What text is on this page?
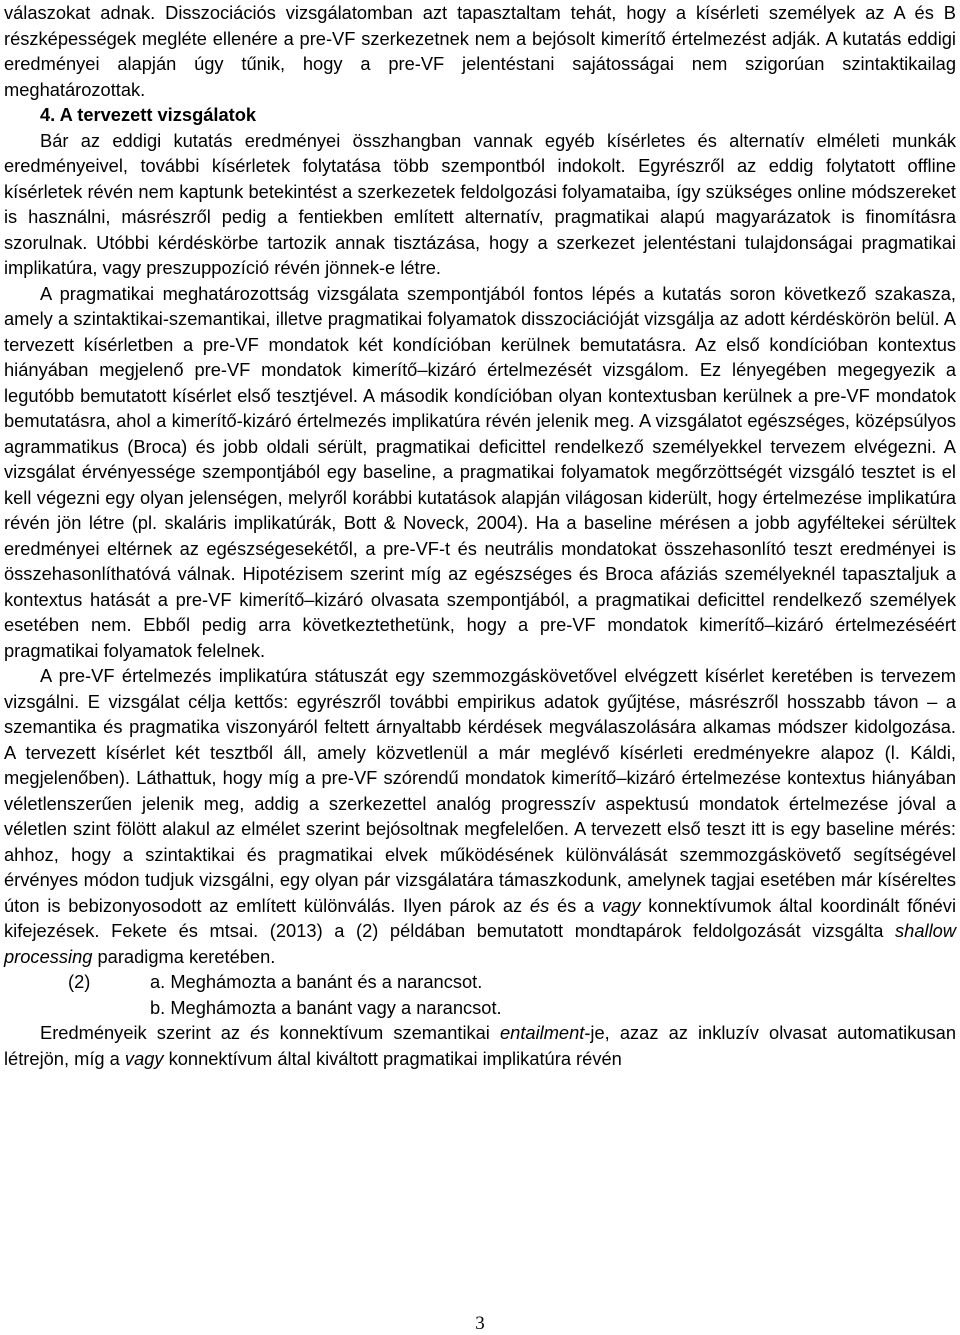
válaszokat adnak. Disszociációs vizsgálatomban azt tapasztaltam tehát, hogy a kísérleti személyek az A és B részképességek megléte ellenére a pre-VF szerkezetnek nem a bejósolt kimerítő értelmezést adják. A kutatás eddigi eredményei alapján úgy tűnik, hogy a pre-VF jelentéstani sajátosságai nem szigorúan szintaktikailag meghatározottak.

4. A tervezett vizsgálatok

Bár az eddigi kutatás eredményei összhangban vannak egyéb kísérletes és alternatív elméleti munkák eredményeivel, további kísérletek folytatása több szempontból indokolt. Egyrészről az eddig folytatott offline kísérletek révén nem kaptunk betekintést a szerkezetek feldolgozási folyamataiba, így szükséges online módszereket is használni, másrészről pedig a fentiekben említett alternatív, pragmatikai alapú magyarázatok is finomításra szorulnak. Utóbbi kérdéskörbe tartozik annak tisztázása, hogy a szerkezet jelentéstani tulajdonságai pragmatikai implikatúra, vagy preszuppozíció révén jönnek-e létre.

A pragmatikai meghatározottság vizsgálata szempontjából fontos lépés a kutatás soron következő szakasza, amely a szintaktikai-szemantikai, illetve pragmatikai folyamatok disszociációját vizsgálja az adott kérdéskörön belül. A tervezett kísérletben a pre-VF mondatok két kondícióban kerülnek bemutatásra. Az első kondícióban kontextus hiányában megjelenő pre-VF mondatok kimerítő–kizáró értelmezését vizsgálom. Ez lényegében megegyezik a legutóbb bemutatott kísérlet első tesztjével. A második kondícióban olyan kontextusban kerülnek a pre-VF mondatok bemutatásra, ahol a kimerítő-kizáró értelmezés implikatúra révén jelenik meg. A vizsgálatot egészséges, középsúlyos agrammatikus (Broca) és jobb oldali sérült, pragmatikai deficittel rendelkező személyekkel tervezem elvégezni. A vizsgálat érvényessége szempontjából egy baseline, a pragmatikai folyamatok megőrzöttségét vizsgáló tesztet is el kell végezni egy olyan jelenségen, melyről korábbi kutatások alapján világosan kiderült, hogy értelmezése implikatúra révén jön létre (pl. skaláris implikatúrák, Bott & Noveck, 2004). Ha a baseline mérésen a jobb agyféltekei sérültek eredményei eltérnek az egészségesekétől, a pre-VF-t és neutrális mondatokat összehasonlító teszt eredményei is összehasonlíthatóvá válnak. Hipotézisem szerint míg az egészséges és Broca afáziás személyeknél tapasztaljuk a kontextus hatását a pre-VF kimerítő–kizáró olvasata szempontjából, a pragmatikai deficittel rendelkező személyek esetében nem. Ebből pedig arra következtethetünk, hogy a pre-VF mondatok kimerítő–kizáró értelmezéséért pragmatikai folyamatok felelnek.

A pre-VF értelmezés implikatúra státuszát egy szemmozgáskövetővel elvégzett kísérlet keretében is tervezem vizsgálni. E vizsgálat célja kettős: egyrészről további empirikus adatok gyűjtése, másrészről hosszabb távon – a szemantika és pragmatika viszonyáról feltett árnyaltabb kérdések megválaszolására alkamas módszer kidolgozása. A tervezett kísérlet két tesztből áll, amely közvetlenül a már meglévő kísérleti eredményekre alapoz (l. Káldi, megjelenőben). Láthattuk, hogy míg a pre-VF szórendű mondatok kimerítő–kizáró értelmezése kontextus hiányában véletlenszerűen jelenik meg, addig a szerkezettel analóg progresszív aspektusú mondatok értelmezése jóval a véletlen szint fölött alakul az elmélet szerint bejósoltnak megfelelően. A tervezett első teszt itt is egy baseline mérés: ahhoz, hogy a szintaktikai és pragmatikai elvek működésének különválását szemmozgáskövető segítségével érvényes módon tudjuk vizsgálni, egy olyan pár vizsgálatára támaszkodunk, amelynek tagjai esetében már kíséreltes úton is bebizonyosodott az említett különválás. Ilyen párok az és és a vagy konnektívumok által koordinált főnévi kifejezések. Fekete és mtsai. (2013) a (2) példában bemutatott mondtapárok feldolgozását vizsgálta shallow processing paradigma keretében.

(2)	a. Meghámozta a banánt és a narancsot.
b. Meghámozta a banánt vagy a narancsot.

Eredményeik szerint az és konnektívum szemantikai entailment-je, azaz az inkluzív olvasat automatikusan létrejön, míg a vagy konnektívum által kiváltott pragmatikai implikatúra révén

3
